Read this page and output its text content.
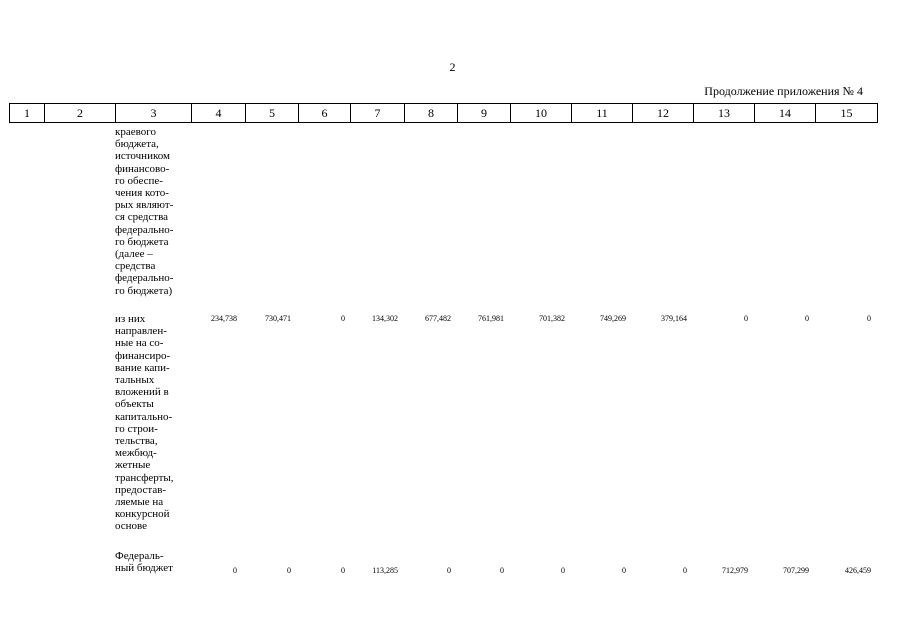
2
Продолжение приложения № 4
1	2	3	4	5	6	7	8	9	10	11	12	13	14	15
краевого
бюджета,
источником
финансово-
го обеспе-
чения кото-
рых являют-
ся средства
федерально-
го бюджета
(далее –
средства
федерально-
го бюджета)
из них
направлен-
ные на со-
финансиро-
вание капи-
тальных
вложений в
объекты
капитально-
го строи-
тельства,
межбюд-
жетные
трансферты,
предостав-
ляемые на
конкурсной
основе
234,738	730,471	0	134,302	677,482	761,981	701,382	749,269	379,164	0	0	0
Федераль-
ный бюджет	0	0	0	113,285	0	0	0	0	0	712,979	707,299	426,459
